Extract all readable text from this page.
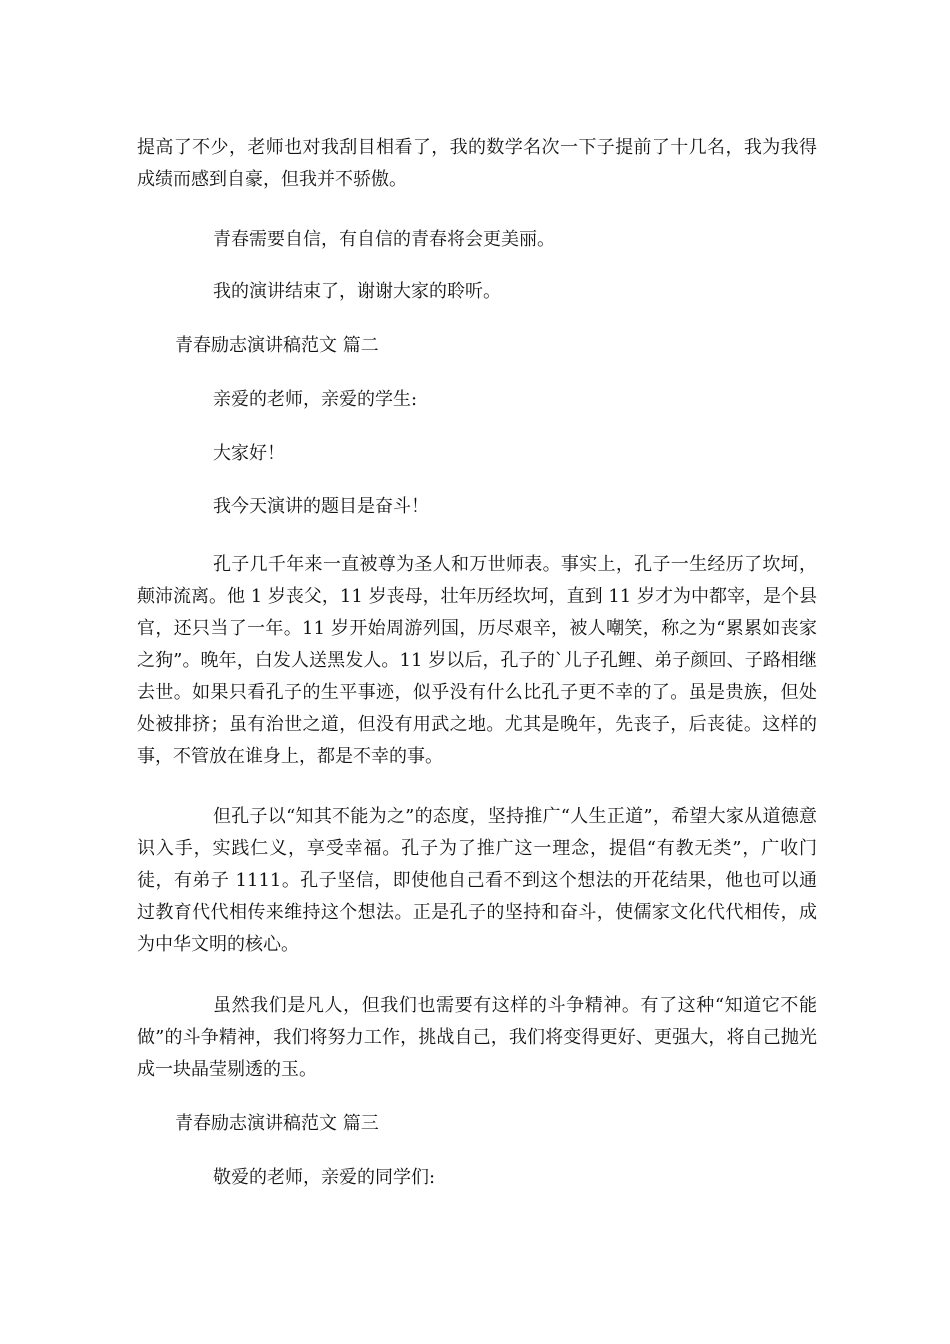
提高了不少，老师也对我刮目相看了，我的数学名次一下子提前了十几名，我为我得成绩而感到自豪，但我并不骄傲。

青春需要自信，有自信的青春将会更美丽。

我的演讲结束了，谢谢大家的聆听。

青春励志演讲稿范文 篇二

亲爱的老师，亲爱的学生:

大家好！

我今天演讲的题目是奋斗！

孔子几千年来一直被尊为圣人和万世师表。事实上，孔子一生经历了坎坷，颠沛流离。他 1 岁丧父，11 岁丧母，壮年历经坎坷，直到 11 岁才为中都宰，是个县官，还只当了一年。11 岁开始周游列国，历尽艰辛，被人嘲笑，称之为“累累如丧家之狗”。晚年，白发人送黑发人。11 岁以后，孔子的`儿子孔鲤、弟子颜回、子路相继去世。如果只看孔子的生平事迹，似乎没有什么比孔子更不幸的了。虽是贵族，但处处被排挤；虽有治世之道，但没有用武之地。尤其是晚年，先丧子，后丧徒。这样的事，不管放在谁身上，都是不幸的事。

但孔子以“知其不能为之”的态度，坚持推广“人生正道”，希望大家从道德意识入手，实践仁义，享受幸福。孔子为了推广这一理念，提倡“有教无类”，广收门徒，有弟子 1111。孔子坚信，即使他自己看不到这个想法的开花结果，他也可以通过教育代代相传来维持这个想法。正是孔子的坚持和奋斗，使儒家文化代代相传，成为中华文明的核心。

虽然我们是凡人，但我们也需要有这样的斗争精神。有了这种“知道它不能做”的斗争精神，我们将努力工作，挑战自己，我们将变得更好、更强大，将自己抛光成一块晶莹剔透的玉。

青春励志演讲稿范文 篇三

敬爱的老师，亲爱的同学们:
